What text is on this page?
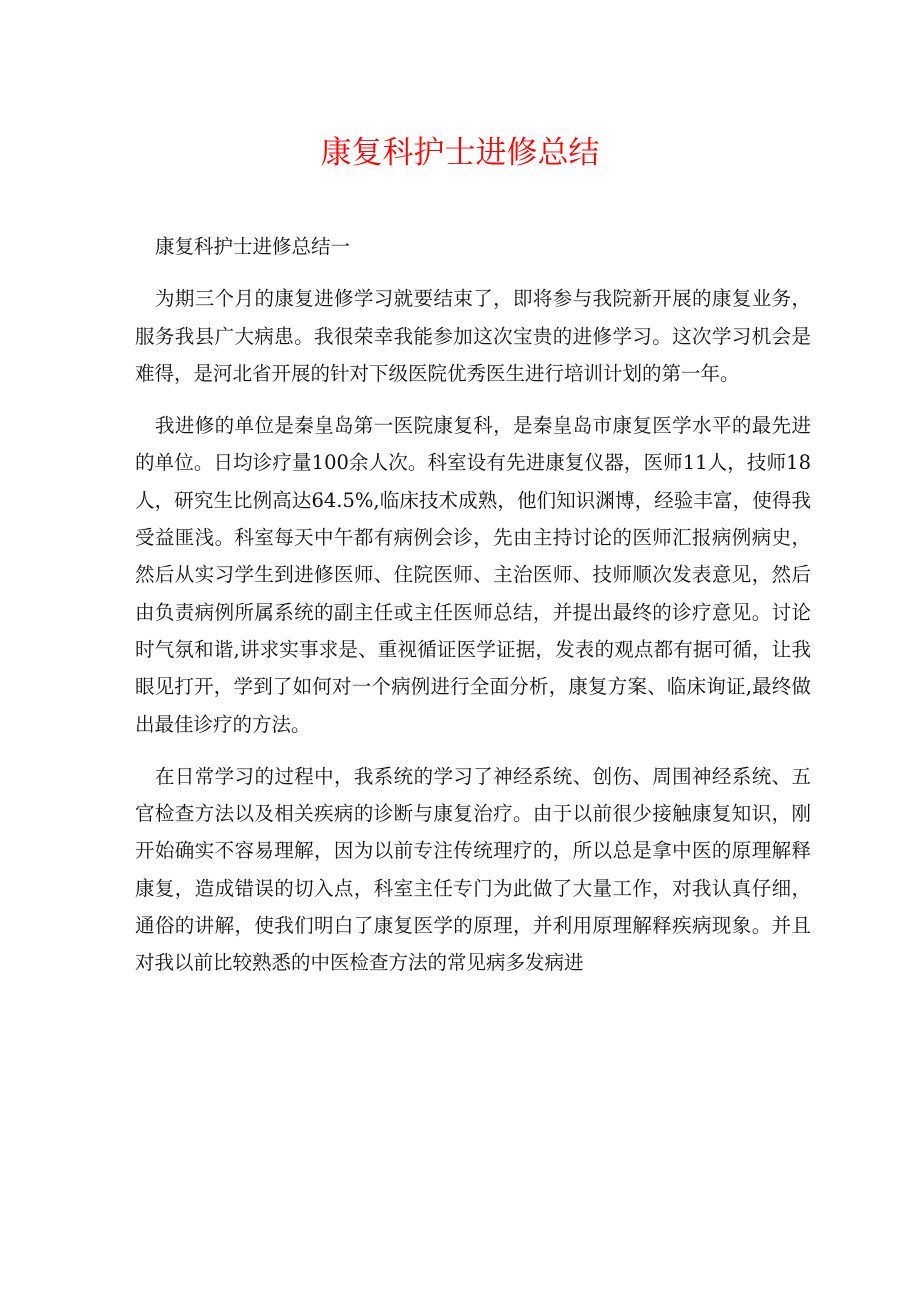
康复科护士进修总结

康复科护士进修总结一

为期三个月的康复进修学习就要结束了，即将参与我院新开展的康复业务，服务我县广大病患。我很荣幸我能参加这次宝贵的进修学习。这次学习机会是难得，是河北省开展的针对下级医院优秀医生进行培训计划的第一年。

我进修的单位是秦皇岛第一医院康复科，是秦皇岛市康复医学水平的最先进的单位。日均诊疗量100余人次。科室设有先进康复仪器，医师11人，技师18人，研究生比例高达64.5%,临床技术成熟，他们知识渊博，经验丰富，使得我受益匪浅。科室每天中午都有病例会诊，先由主持讨论的医师汇报病例病史，然后从实习学生到进修医师、住院医师、主治医师、技师顺次发表意见，然后由负责病例所属系统的副主任或主任医师总结，并提出最终的诊疗意见。讨论时气氛和谐,讲求实事求是、重视循证医学证据，发表的观点都有据可循，让我眼见打开，学到了如何对一个病例进行全面分析，康复方案、临床询证,最终做出最佳诊疗的方法。

在日常学习的过程中，我系统的学习了神经系统、创伤、周围神经系统、五官检查方法以及相关疾病的诊断与康复治疗。由于以前很少接触康复知识，刚开始确实不容易理解，因为以前专注传统理疗的，所以总是拿中医的原理解释康复，造成错误的切入点，科室主任专门为此做了大量工作，对我认真仔细，通俗的讲解，使我们明白了康复医学的原理，并利用原理解释疾病现象。并且对我以前比较熟悉的中医检查方法的常见病多发病进
